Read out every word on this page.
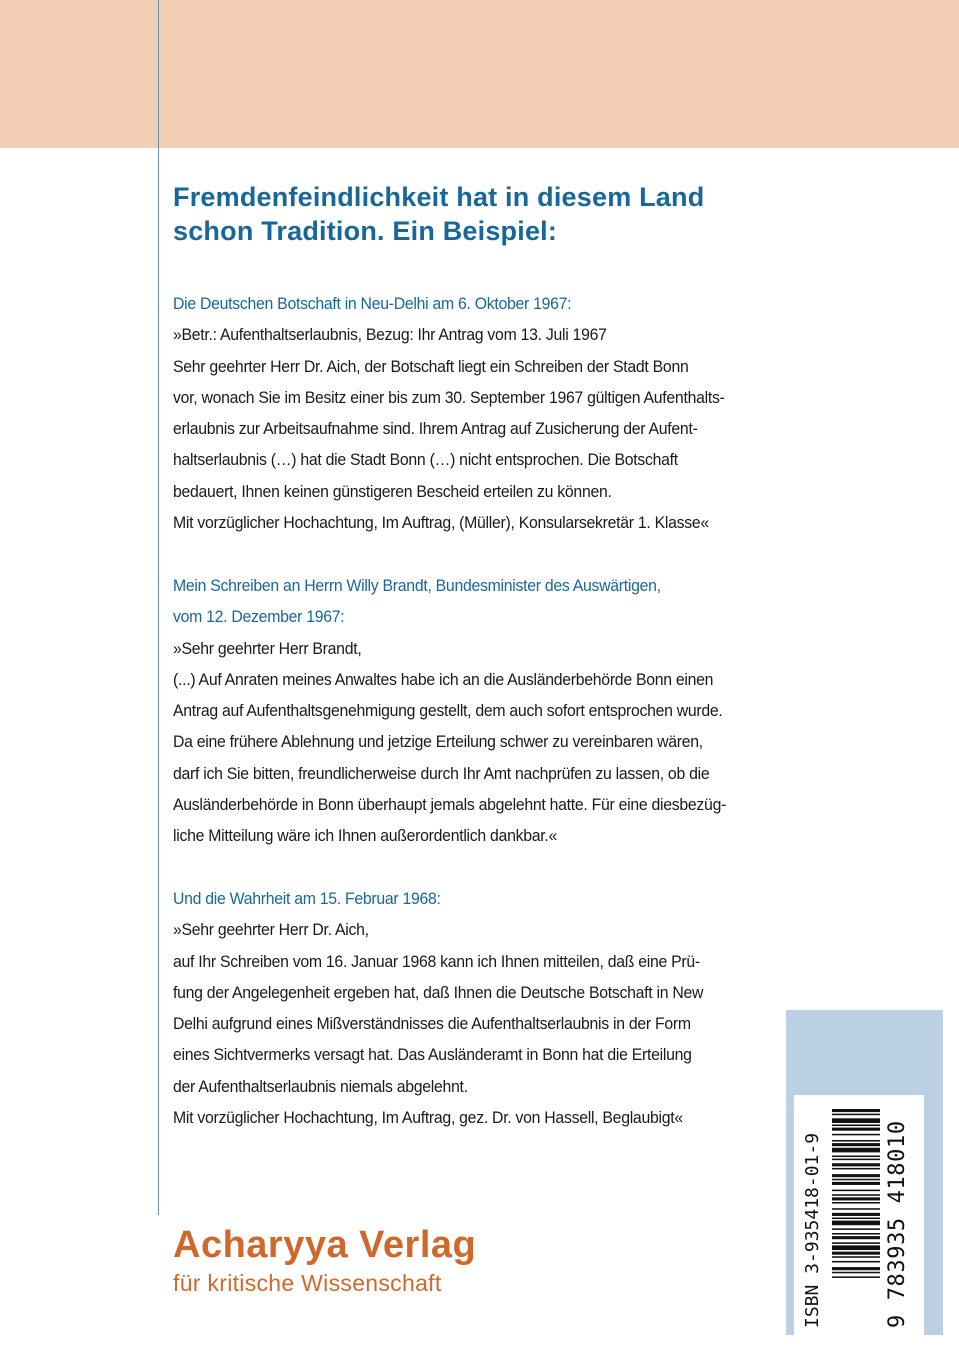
Fremdenfeindlichkeit hat in diesem Land
schon Tradition. Ein Beispiel:
Die Deutschen Botschaft in Neu-Delhi am 6. Oktober 1967:
»Betr.: Aufenthaltserlaubnis, Bezug: Ihr Antrag vom 13. Juli 1967
Sehr geehrter Herr Dr. Aich, der Botschaft liegt ein Schreiben der Stadt Bonn
vor, wonach Sie im Besitz einer bis zum 30. September 1967 gültigen Aufenthalts-
erlaubnis zur Arbeitsaufnahme sind. Ihrem Antrag auf Zusicherung der Aufent-
haltserlaubnis (…) hat die Stadt Bonn (…) nicht entsprochen. Die Botschaft
bedauert, Ihnen keinen günstigeren Bescheid erteilen zu können.
Mit vorzüglicher Hochachtung, Im Auftrag, (Müller), Konsularsekretär 1. Klasse«
Mein Schreiben an Herrn Willy Brandt, Bundesminister des Auswärtigen,
vom 12. Dezember 1967:
»Sehr geehrter Herr Brandt,
(...) Auf Anraten meines Anwaltes habe ich an die Ausländerbehörde Bonn einen
Antrag auf Aufenthaltsgenehmigung gestellt, dem auch sofort entsprochen wurde.
Da eine frühere Ablehnung und jetzige Erteilung schwer zu vereinbaren wären,
darf ich Sie bitten, freundlicherweise durch Ihr Amt nachprüfen zu lassen, ob die
Ausländerbehörde in Bonn überhaupt jemals abgelehnt hatte. Für eine diesbezüg-
liche Mitteilung wäre ich Ihnen außerordentlich dankbar.«
Und die Wahrheit am 15. Februar 1968:
»Sehr geehrter Herr Dr. Aich,
auf Ihr Schreiben vom 16. Januar 1968 kann ich Ihnen mitteilen, daß eine Prü-
fung der Angelegenheit ergeben hat, daß Ihnen die Deutsche Botschaft in New
Delhi aufgrund eines Mißverständnisses die Aufenthaltserlaubnis in der Form
eines Sichtvermerks versagt hat. Das Ausländeramt in Bonn hat die Erteilung
der Aufenthaltserlaubnis niemals abgelehnt.
Mit vorzüglicher Hochachtung, Im Auftrag, gez. Dr. von Hassell, Beglaubigt«
Acharyya Verlag
für kritische Wissenschaft	ISBN 3-935418-01-9	9 783935 418010
